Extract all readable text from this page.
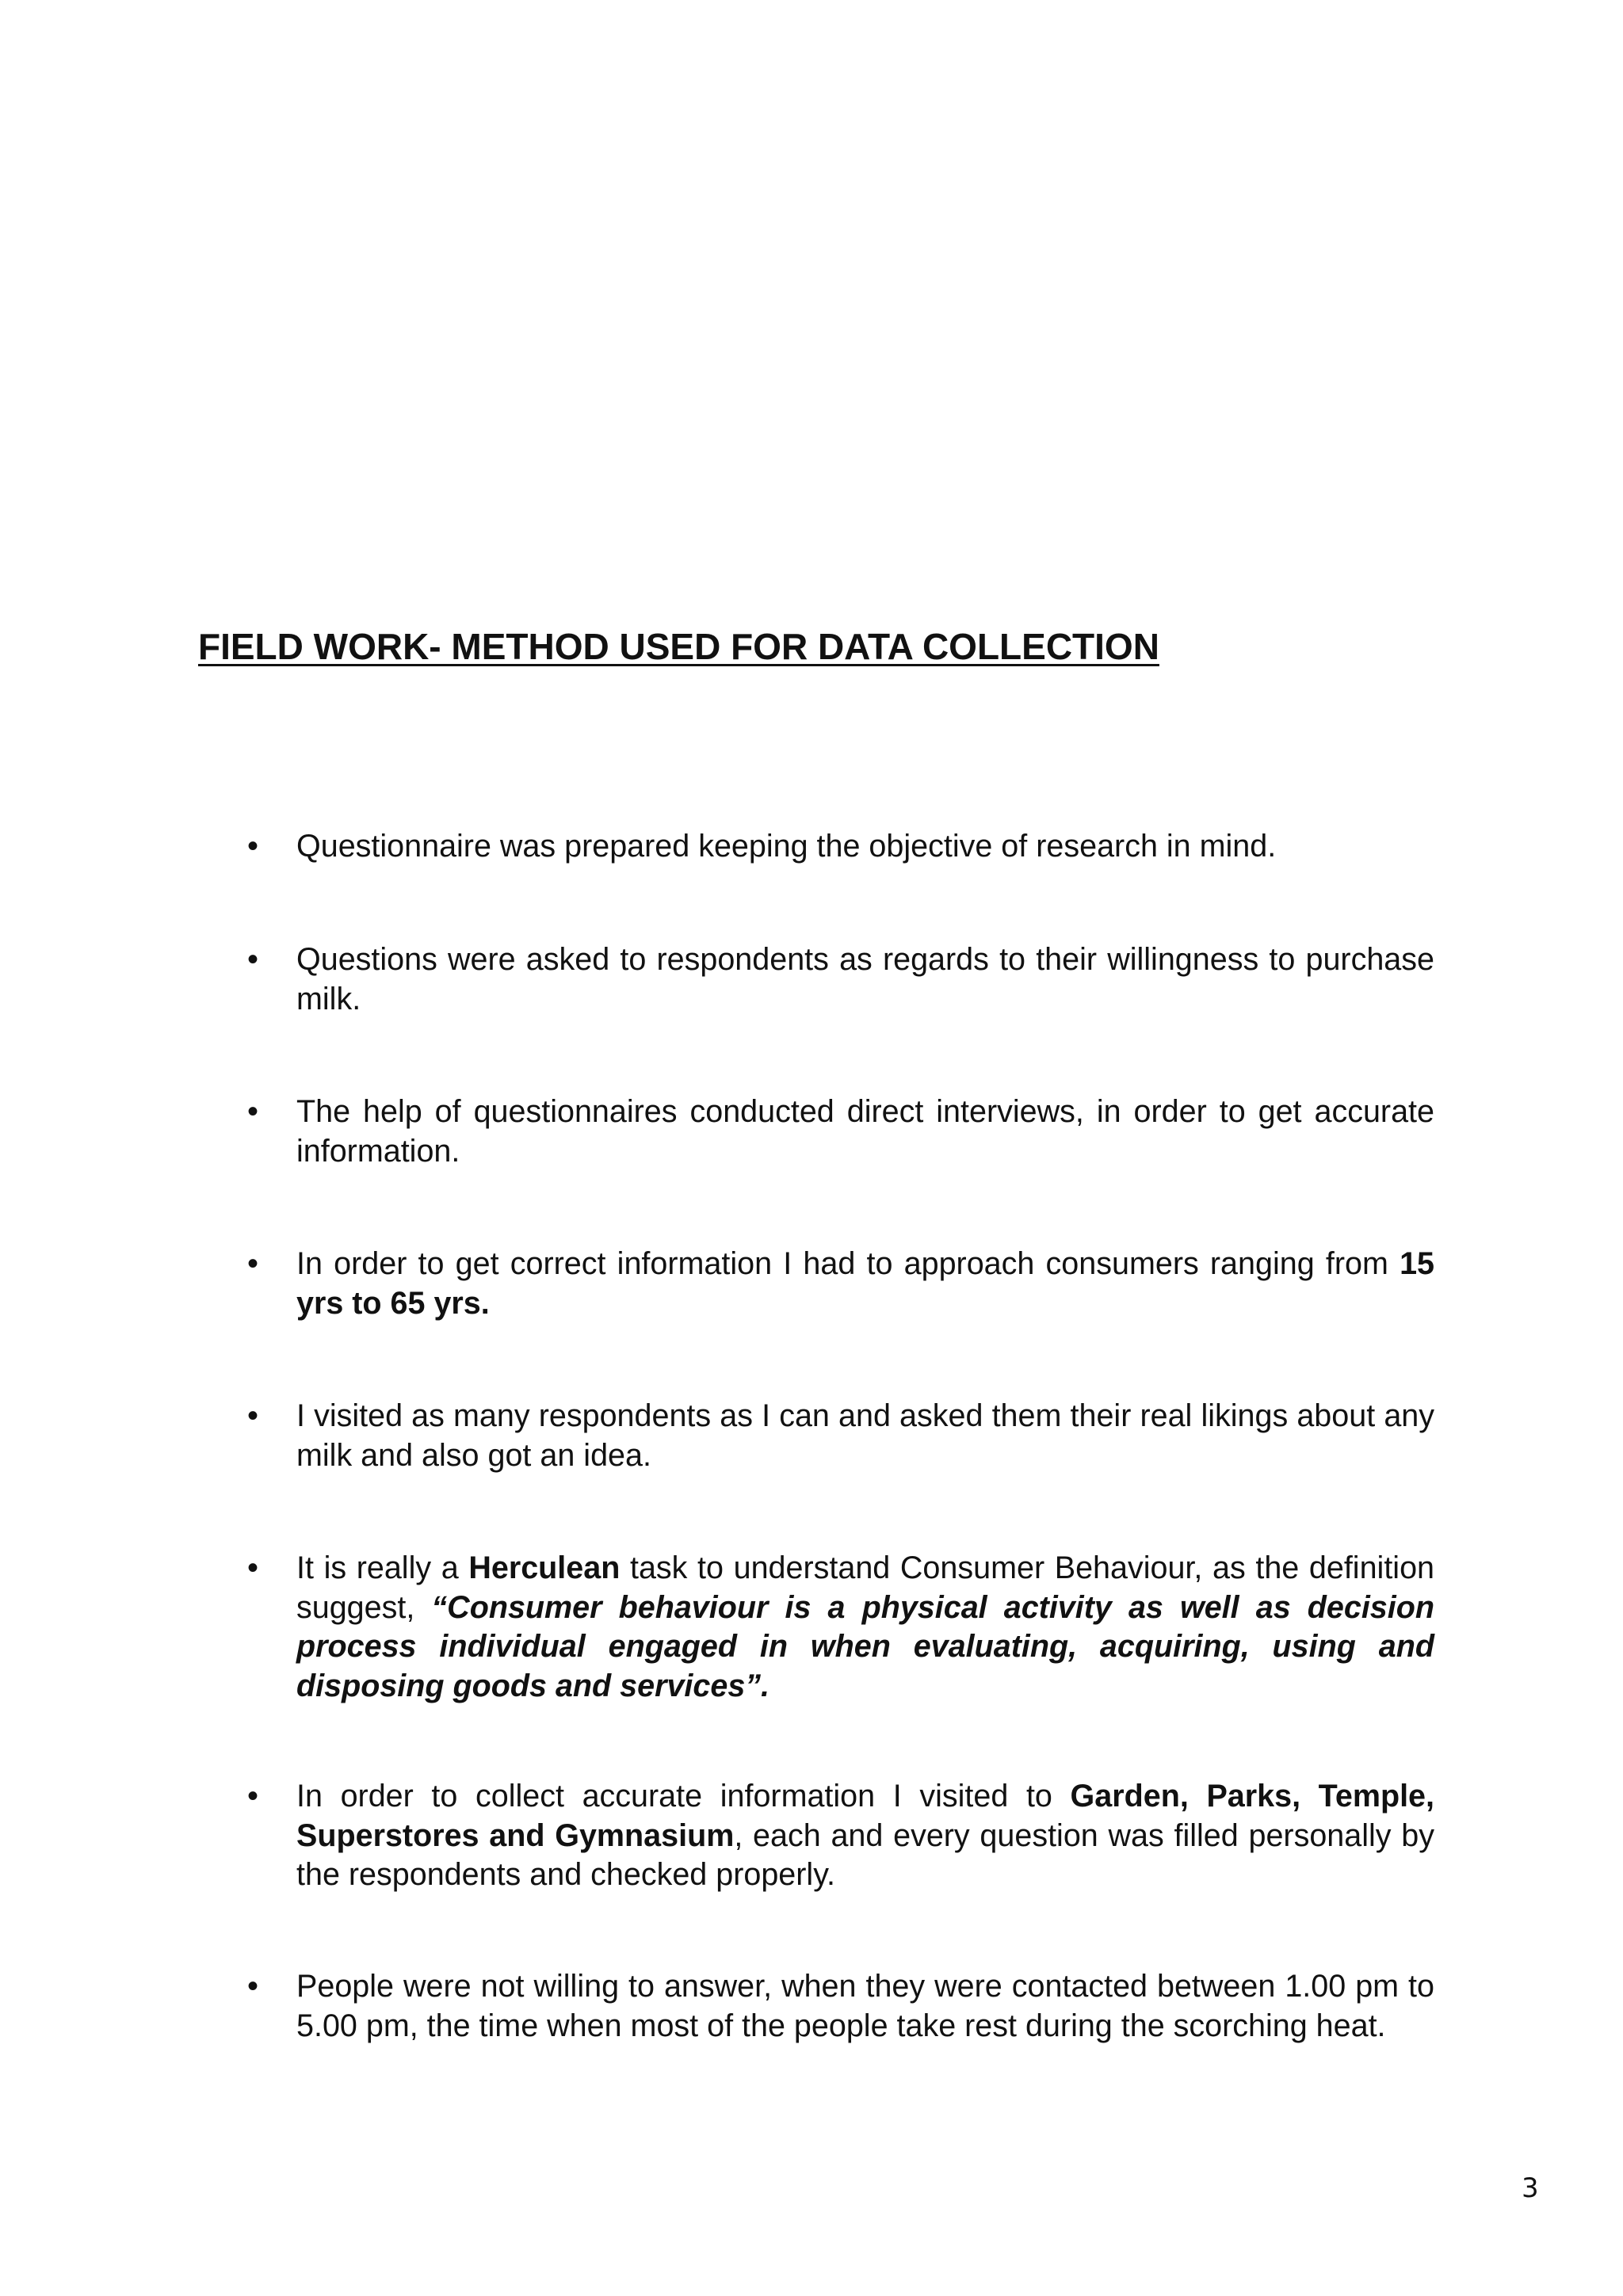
FIELD WORK- METHOD USED FOR DATA COLLECTION
• Questionnaire was prepared keeping the objective of research in mind.
• Questions were asked to respondents as regards to their willingness to purchase milk.
• The help of questionnaires conducted direct interviews, in order to get accurate information.
• In order to get correct information I had to approach consumers ranging from 15 yrs to 65 yrs.
• I visited as many respondents as I can and asked them their real likings about any milk and also got an idea.
• It is really a Herculean task to understand Consumer Behaviour, as the definition suggest, “Consumer behaviour is a physical activity as well as decision process individual engaged in when evaluating, acquiring, using and disposing goods and services”.
• In order to collect accurate information I visited to Garden, Parks, Temple, Superstores and Gymnasium, each and every question was filled personally by the respondents and checked properly.
• People were not willing to answer, when they were contacted between 1.00 pm to 5.00 pm, the time when most of the people take rest during the scorching heat.
3
